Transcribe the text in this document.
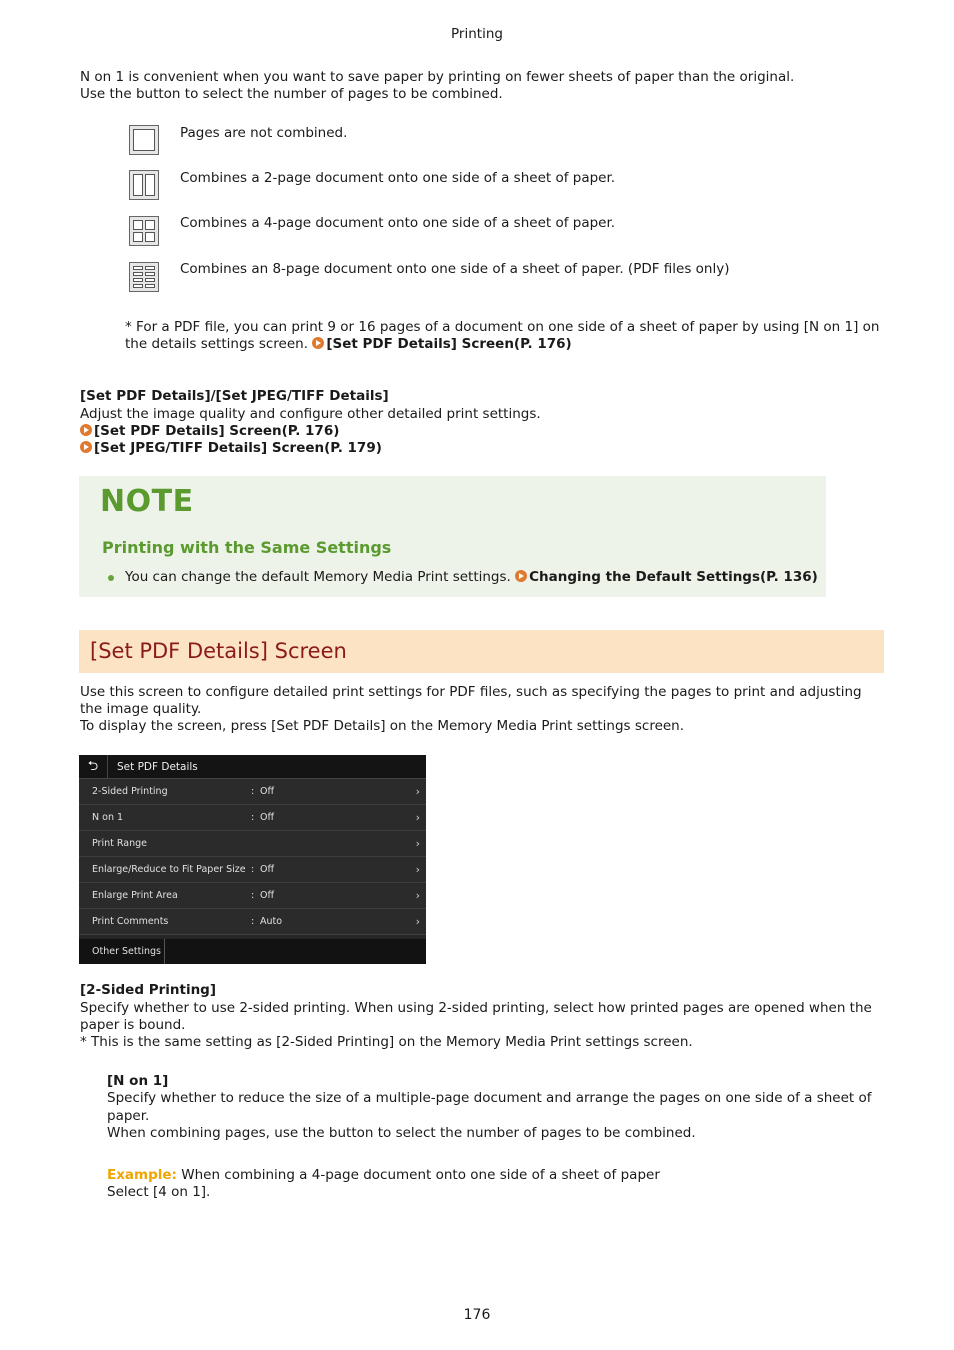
Printing
N on 1 is convenient when you want to save paper by printing on fewer sheets of paper than the original.
Use the button to select the number of pages to be combined.
Pages are not combined.
Combines a 2-page document onto one side of a sheet of paper.
Combines a 4-page document onto one side of a sheet of paper.
Combines an 8-page document onto one side of a sheet of paper. (PDF files only)
* For a PDF file, you can print 9 or 16 pages of a document on one side of a sheet of paper by using [N on 1] on
the details settings screen. [Set PDF Details] Screen(P. 176)
[Set PDF Details]/[Set JPEG/TIFF Details]
Adjust the image quality and configure other detailed print settings.
[Set PDF Details] Screen(P. 176)
[Set JPEG/TIFF Details] Screen(P. 179)
NOTE
Printing with the Same Settings
You can change the default Memory Media Print settings. Changing the Default Settings(P. 136)
[Set PDF Details] Screen
Use this screen to configure detailed print settings for PDF files, such as specifying the pages to print and adjusting
the image quality.
To display the screen, press [Set PDF Details] on the Memory Media Print settings screen.
⮌	Set PDF Details
2-Sided Printing	: Off	›
N on 1	: Off	›
Print Range	›
Enlarge/Reduce to Fit Paper Size : Off	›
Enlarge Print Area	: Off	›
Print Comments	: Auto	›
Other Settings
[2-Sided Printing]
Specify whether to use 2-sided printing. When using 2-sided printing, select how printed pages are opened when the
paper is bound.
* This is the same setting as [2-Sided Printing] on the Memory Media Print settings screen.
[N on 1]
Specify whether to reduce the size of a multiple-page document and arrange the pages on one side of a sheet of
paper.
When combining pages, use the button to select the number of pages to be combined.
Example: When combining a 4-page document onto one side of a sheet of paper
Select [4 on 1].
176
